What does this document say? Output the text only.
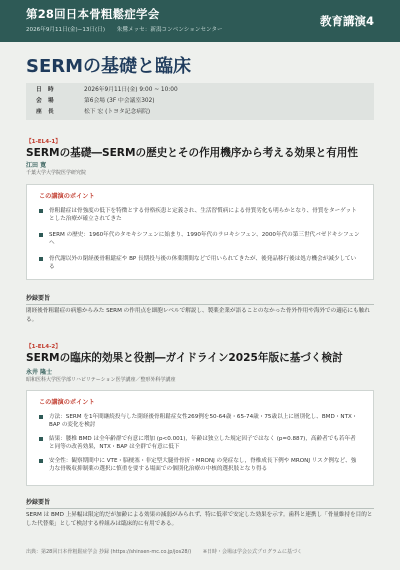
第28回日本骨粗鬆症学会
2026年9月11日(金)−13日(日) 朱鷺メッセ：新潟コンベンションセンター
教育講演4
SERMの基礎と臨床
日 時	2026年9月11日(金) 9:00 ~ 10:00
会 場	第6会場 (3F 中会議室302)
座 長	松下 宏 (トヨタ記念病院)
【1-EL4-1】
SERMの基礎―SERMの歴史とその作用機序から考える効果と有用性
江田 寛
千葉大学大学院医学研究院
この講演のポイント
骨粗鬆症は骨強度の低下を特徴とする骨格疾患と定義され、生活習慣病による骨質劣化も明らかとなり、骨質をターゲットとした治療が確立されてきた
SERM の歴史：1960年代のタモキシフェンに始まり、1990年代のラロキシフェン、2000年代の第三世代バゼドキシフェンへ
骨代謝以外の閉経後骨粗鬆症や BP 長期投与後の休薬期間などで用いられてきたが、後発品移行後は処方機会が減少している
抄録要旨
閉経後骨粗鬆症の病態からみた SERM の作用点を細胞レベルで解説し、製薬企業が語ることのなかった骨外作用や海外での適応にも触れる。
【1-EL4-2】
SERMの臨床的効果と役割―ガイドライン2025年版に基づく検討
永井 隆士
昭和医科大学医学部リハビリテーション医学講座／整形外科学講座
この講演のポイント
方法：SERM を1年間継続投与した閉経後骨粗鬆症女性269例を50-64歳・65-74歳・75歳以上に層別化し、BMD・NTX・BAP の変化を検討
結果：腰椎 BMD は全年齢群で有意に増加 (p<0.001)，年齢は独立した規定因子ではなく (p=0.887)，高齢者でも若年者と同等の改善効果，NTX・BAP は全群で有意に低下
安全性：観察期間中に VTE・脳梗塞・非定型大腿骨骨折・MRONJ の発症なし，脊椎成長下例や MRONJ リスク例など、強力な骨吸収抑制薬の選択に慎重を要する場面での個別化治療の中核的選択肢となり得る
抄録要旨
SERM は BMD 上昇幅は限定的だが加齢による効果の減弱がみられず、特に低率で安定した効果を示す。歯科と連携し「骨量維持を目的とした代替薬」として検討する枠組みは臨床的に有用である。
出典：第28回日本骨粗鬆症学会 抄録 (https://shinsen-mc.co.jp/jos28/) ※日時・会場は学会公式プログラムに基づく
